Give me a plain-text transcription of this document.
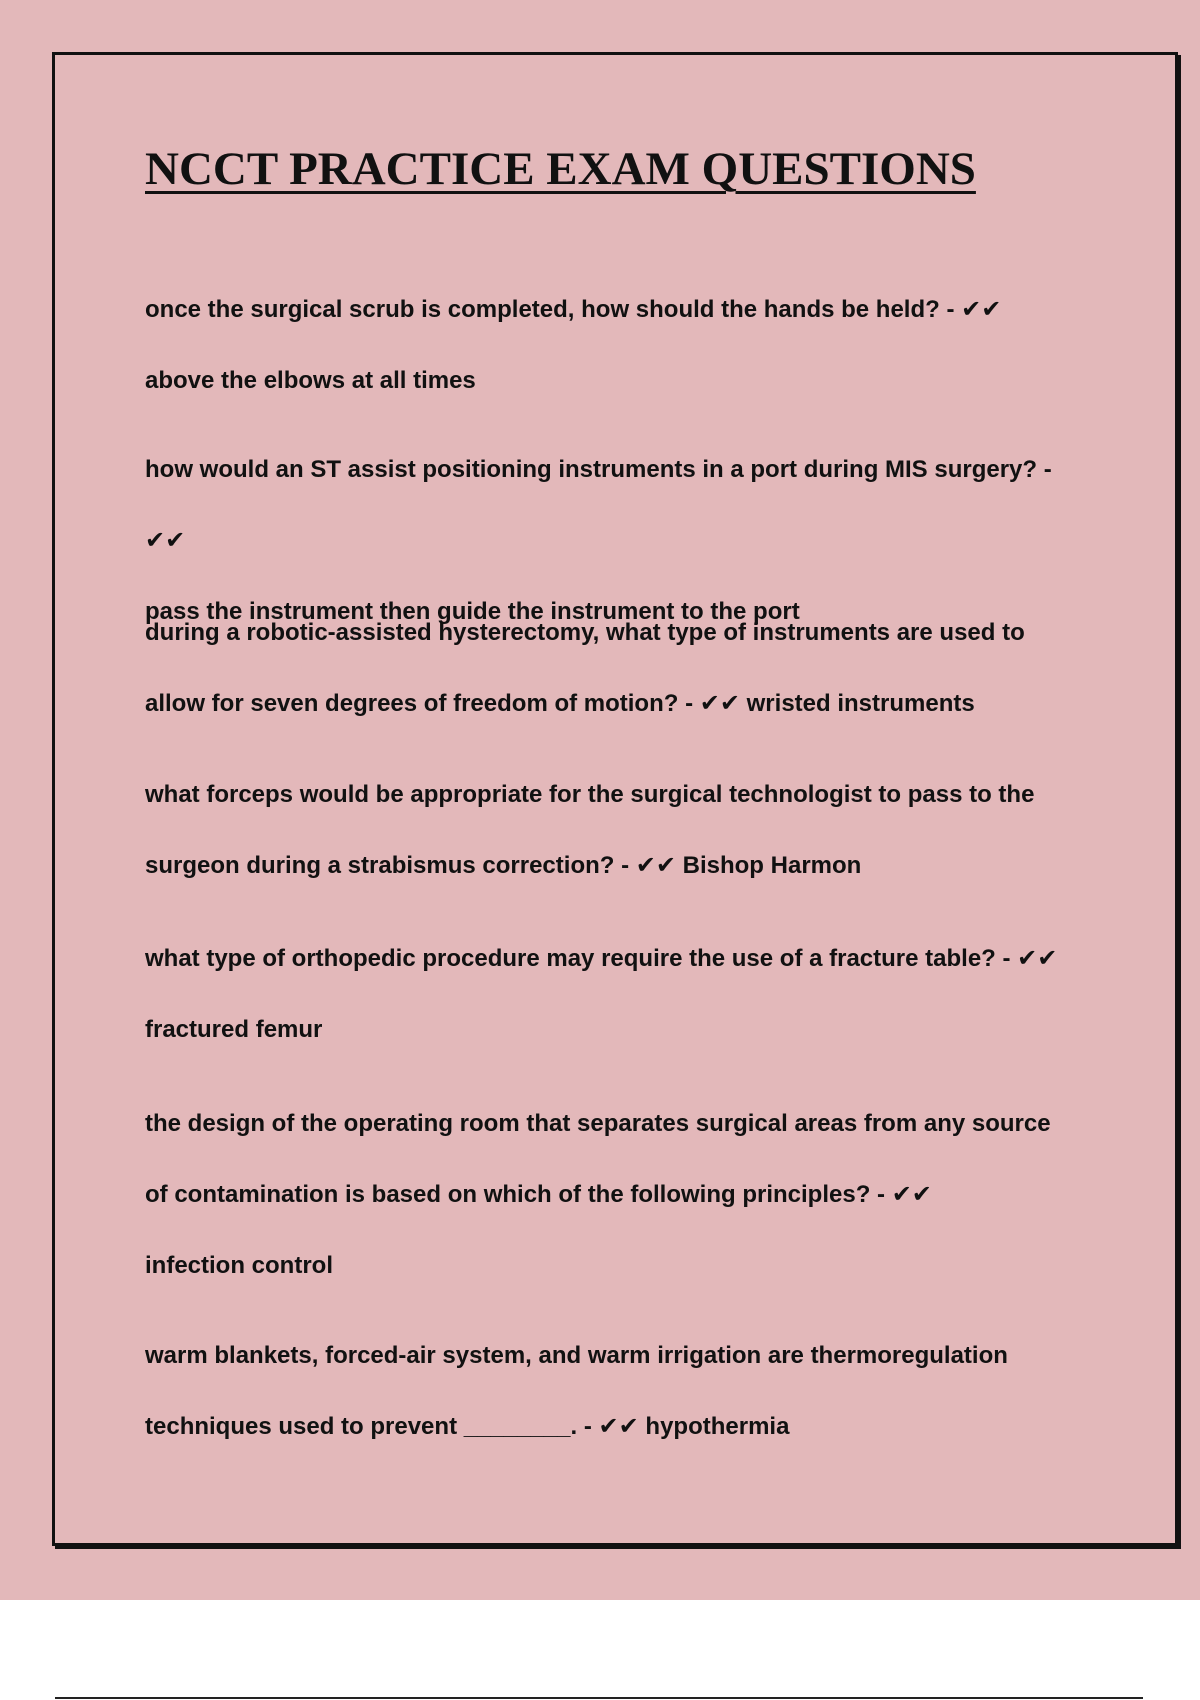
NCCT PRACTICE EXAM QUESTIONS
once the surgical scrub is completed, how should the hands be held? - ✔✔
above the elbows at all times
how would an ST assist positioning instruments in a port during MIS surgery? - ✔✔
pass the instrument then guide the instrument to the port
during a robotic-assisted hysterectomy, what type of instruments are used to allow for seven degrees of freedom of motion? - ✔✔ wristed instruments
what forceps would be appropriate for the surgical technologist to pass to the surgeon during a strabismus correction? - ✔✔ Bishop Harmon
what type of orthopedic procedure may require the use of a fracture table? - ✔✔
fractured femur
the design of the operating room that separates surgical areas from any source of contamination is based on which of the following principles? - ✔✔
infection control
warm blankets, forced-air system, and warm irrigation are thermoregulation techniques used to prevent ________. - ✔✔ hypothermia
